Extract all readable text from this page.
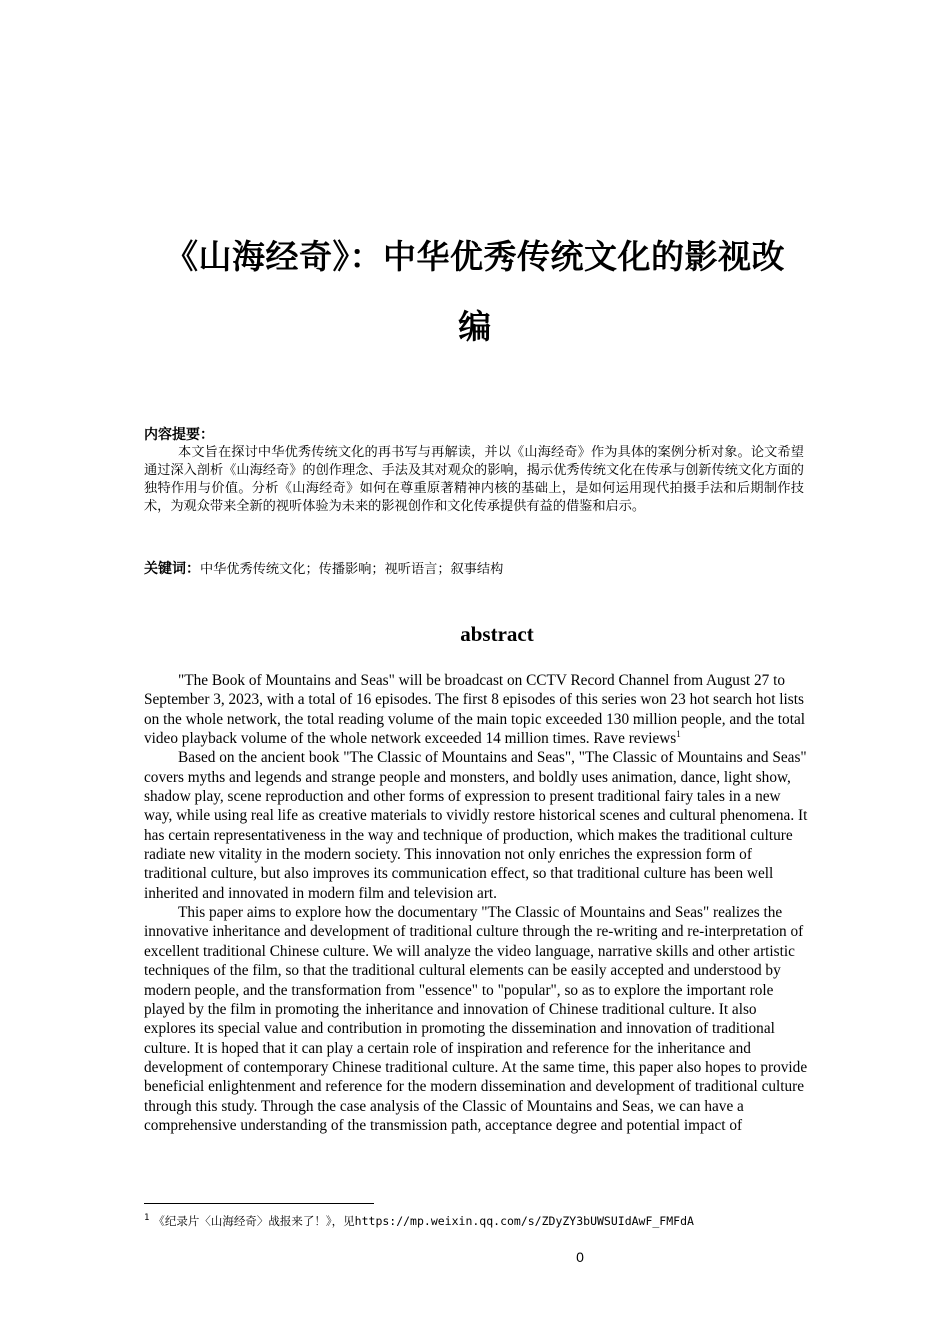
《山海经奇》：中华优秀传统文化的影视改编
内容提要：
本文旨在探讨中华优秀传统文化的再书写与再解读，并以《山海经奇》作为具体的案例分析对象。论文希望通过深入剖析《山海经奇》的创作理念、手法及其对观众的影响，揭示优秀传统文化在传承与创新传统文化方面的独特作用与价值。分析《山海经奇》如何在尊重原著精神内核的基础上，是如何运用现代拍摄手法和后期制作技术，为观众带来全新的视听体验为未来的影视创作和文化传承提供有益的借鉴和启示。
关键词：中华优秀传统文化；传播影响；视听语言；叙事结构
abstract

"The Book of Mountains and Seas" will be broadcast on CCTV Record Channel from August 27 to September 3, 2023, with a total of 16 episodes. The first 8 episodes of this series won 23 hot search hot lists on the whole network, the total reading volume of the main topic exceeded 130 million people, and the total video playback volume of the whole network exceeded 14 million times. Rave reviews$^1$

Based on the ancient book "The Classic of Mountains and Seas", "The Classic of Mountains and Seas" covers myths and legends and strange people and monsters, and boldly uses animation, dance, light show, shadow play, scene reproduction and other forms of expression to present traditional fairy tales in a new way, while using real life as creative materials to vividly restore historical scenes and cultural phenomena. It has certain representativeness in the way and technique of production, which makes the traditional culture radiate new vitality in the modern society. This innovation not only enriches the expression form of traditional culture, but also improves its communication effect, so that traditional culture has been well inherited and innovated in modern film and television art.

This paper aims to explore how the documentary "The Classic of Mountains and Seas" realizes the innovative inheritance and development of traditional culture through the re-writing and re-interpretation of excellent traditional Chinese culture. We will analyze the video language, narrative skills and other artistic techniques of the film, so that the traditional cultural elements can be easily accepted and understood by modern people, and the transformation from "essence" to "popular", so as to explore the important role played by the film in promoting the inheritance and innovation of Chinese traditional culture. It also explores its special value and contribution in promoting the dissemination and innovation of traditional culture. It is hoped that it can play a certain role of inspiration and reference for the inheritance and development of contemporary Chinese traditional culture. At the same time, this paper also hopes to provide beneficial enlightenment and reference for the modern dissemination and development of traditional culture through this study. Through the case analysis of the Classic of Mountains and Seas, we can have a comprehensive understanding of the transmission path, acceptance degree and potential impact of

$^1$ 《纪录片〈山海经奇〉战报来了！》，见https://mp.weixin.qq.com/s/ZDyZY3bUWSUIdAwF_FMFdA
0
